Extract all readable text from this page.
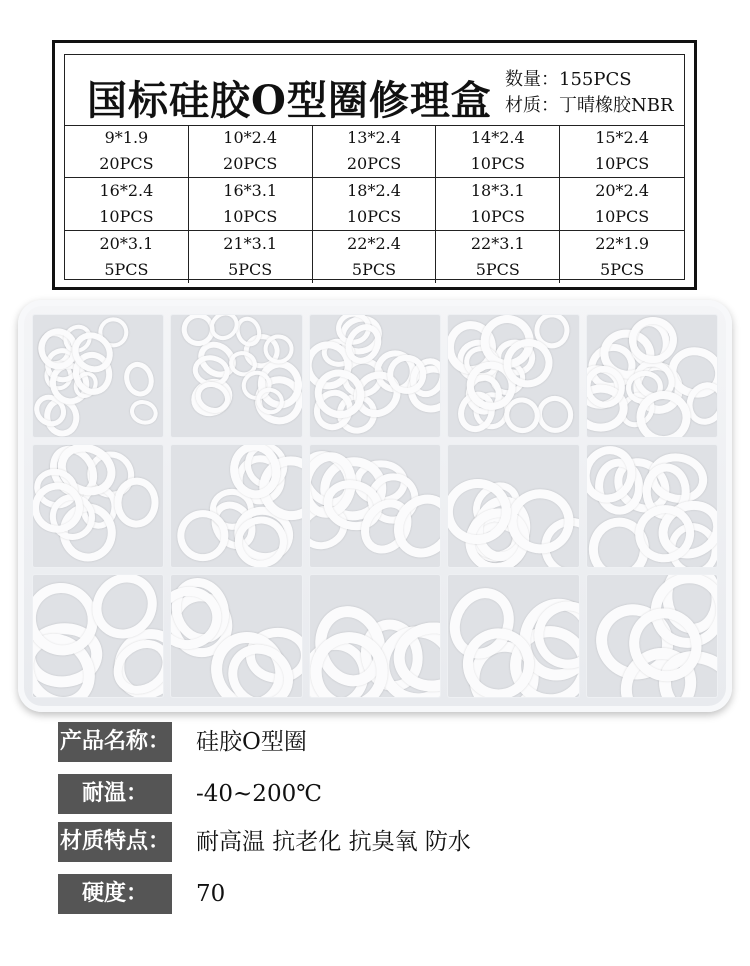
国标硅胶O型圈修理盒 数量：155PCS
材质：丁晴橡胶NBR
9*1.9
20PCS
10*2.4
20PCS
13*2.4
20PCS
14*2.4
10PCS
15*2.4
10PCS
16*2.4
10PCS
16*3.1
10PCS
18*2.4
10PCS
18*3.1
10PCS
20*2.4
10PCS
20*3.1
5PCS
21*3.1
5PCS
22*2.4
5PCS
22*3.1
5PCS
22*1.9
5PCS
产品名称： 硅胶O型圈
耐温：	-40~200℃
材质特点： 耐高温 抗老化 抗臭氧 防水
硬度：	70
